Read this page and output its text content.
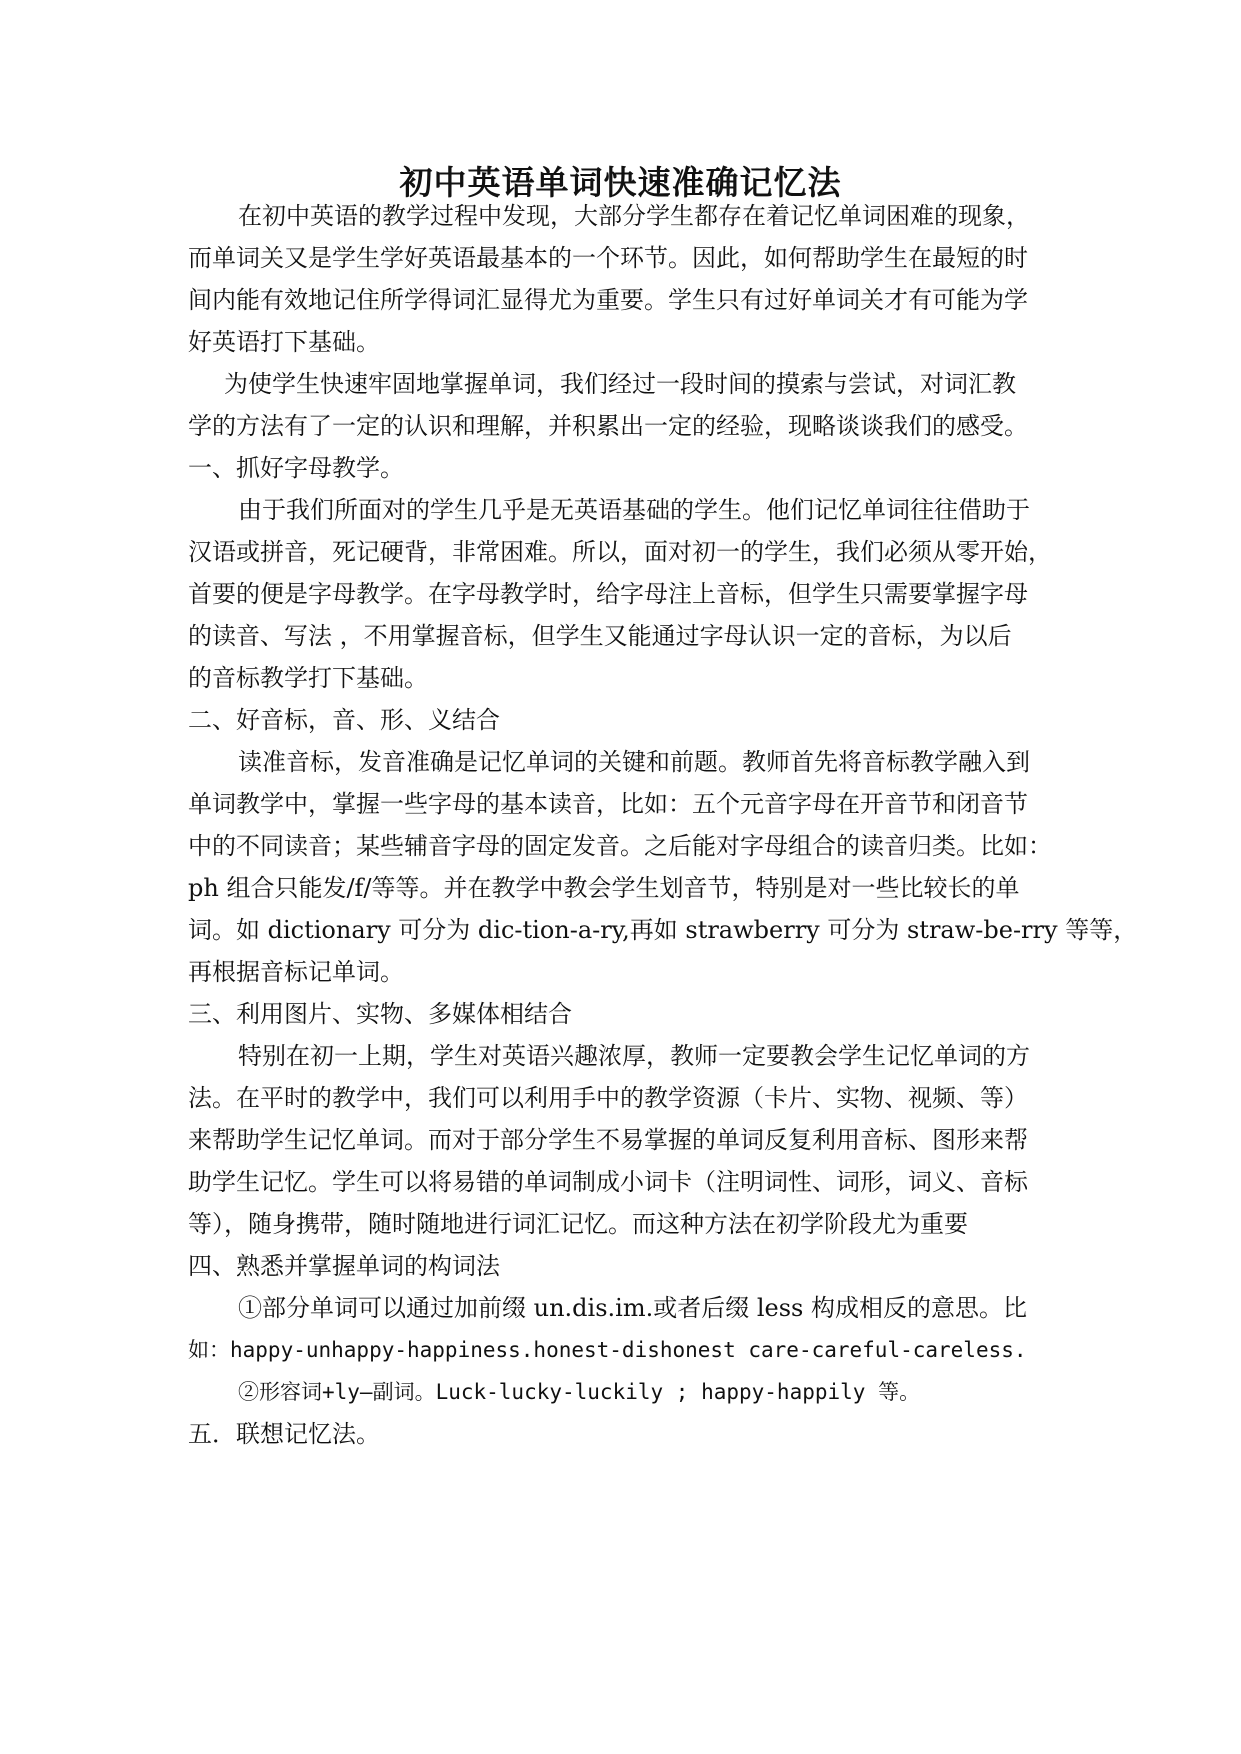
初中英语单词快速准确记忆法
在初中英语的教学过程中发现，大部分学生都存在着记忆单词困难的现象，
而单词关又是学生学好英语最基本的一个环节。因此，如何帮助学生在最短的时
间内能有效地记住所学得词汇显得尤为重要。学生只有过好单词关才有可能为学
好英语打下基础。
为使学生快速牢固地掌握单词，我们经过一段时间的摸索与尝试，对词汇教
学的方法有了一定的认识和理解，并积累出一定的经验，现略谈谈我们的感受。
一、抓好字母教学。
由于我们所面对的学生几乎是无英语基础的学生。他们记忆单词往往借助于
汉语或拼音，死记硬背，非常困难。所以，面对初一的学生，我们必须从零开始，
首要的便是字母教学。在字母教学时，给字母注上音标，但学生只需要掌握字母
的读音、写法 ，不用掌握音标，但学生又能通过字母认识一定的音标，为以后
的音标教学打下基础。
二、好音标，音、形、义结合
读准音标，发音准确是记忆单词的关键和前题。教师首先将音标教学融入到
单词教学中，掌握一些字母的基本读音，比如：五个元音字母在开音节和闭音节
中的不同读音；某些辅音字母的固定发音。之后能对字母组合的读音归类。比如：
ph 组合只能发/f/等等。并在教学中教会学生划音节，特别是对一些比较长的单
词。如 dictionary 可分为 dic-tion-a-ry,再如 strawberry 可分为 straw-be-rry 等等，
再根据音标记单词。
三、利用图片、实物、多媒体相结合
特别在初一上期，学生对英语兴趣浓厚，教师一定要教会学生记忆单词的方
法。在平时的教学中，我们可以利用手中的教学资源（卡片、实物、视频、等）
来帮助学生记忆单词。而对于部分学生不易掌握的单词反复利用音标、图形来帮
助学生记忆。学生可以将易错的单词制成小词卡（注明词性、词形，词义、音标
等），随身携带，随时随地进行词汇记忆。而这种方法在初学阶段尤为重要
四、熟悉并掌握单词的构词法
①部分单词可以通过加前缀 un.dis.im.或者后缀 less 构成相反的意思。比
如：happy-unhappy-happiness.honest-dishonest care-careful-careless.
②形容词+ly—副词。Luck-lucky-luckily ; happy-happily 等。
五．联想记忆法。
